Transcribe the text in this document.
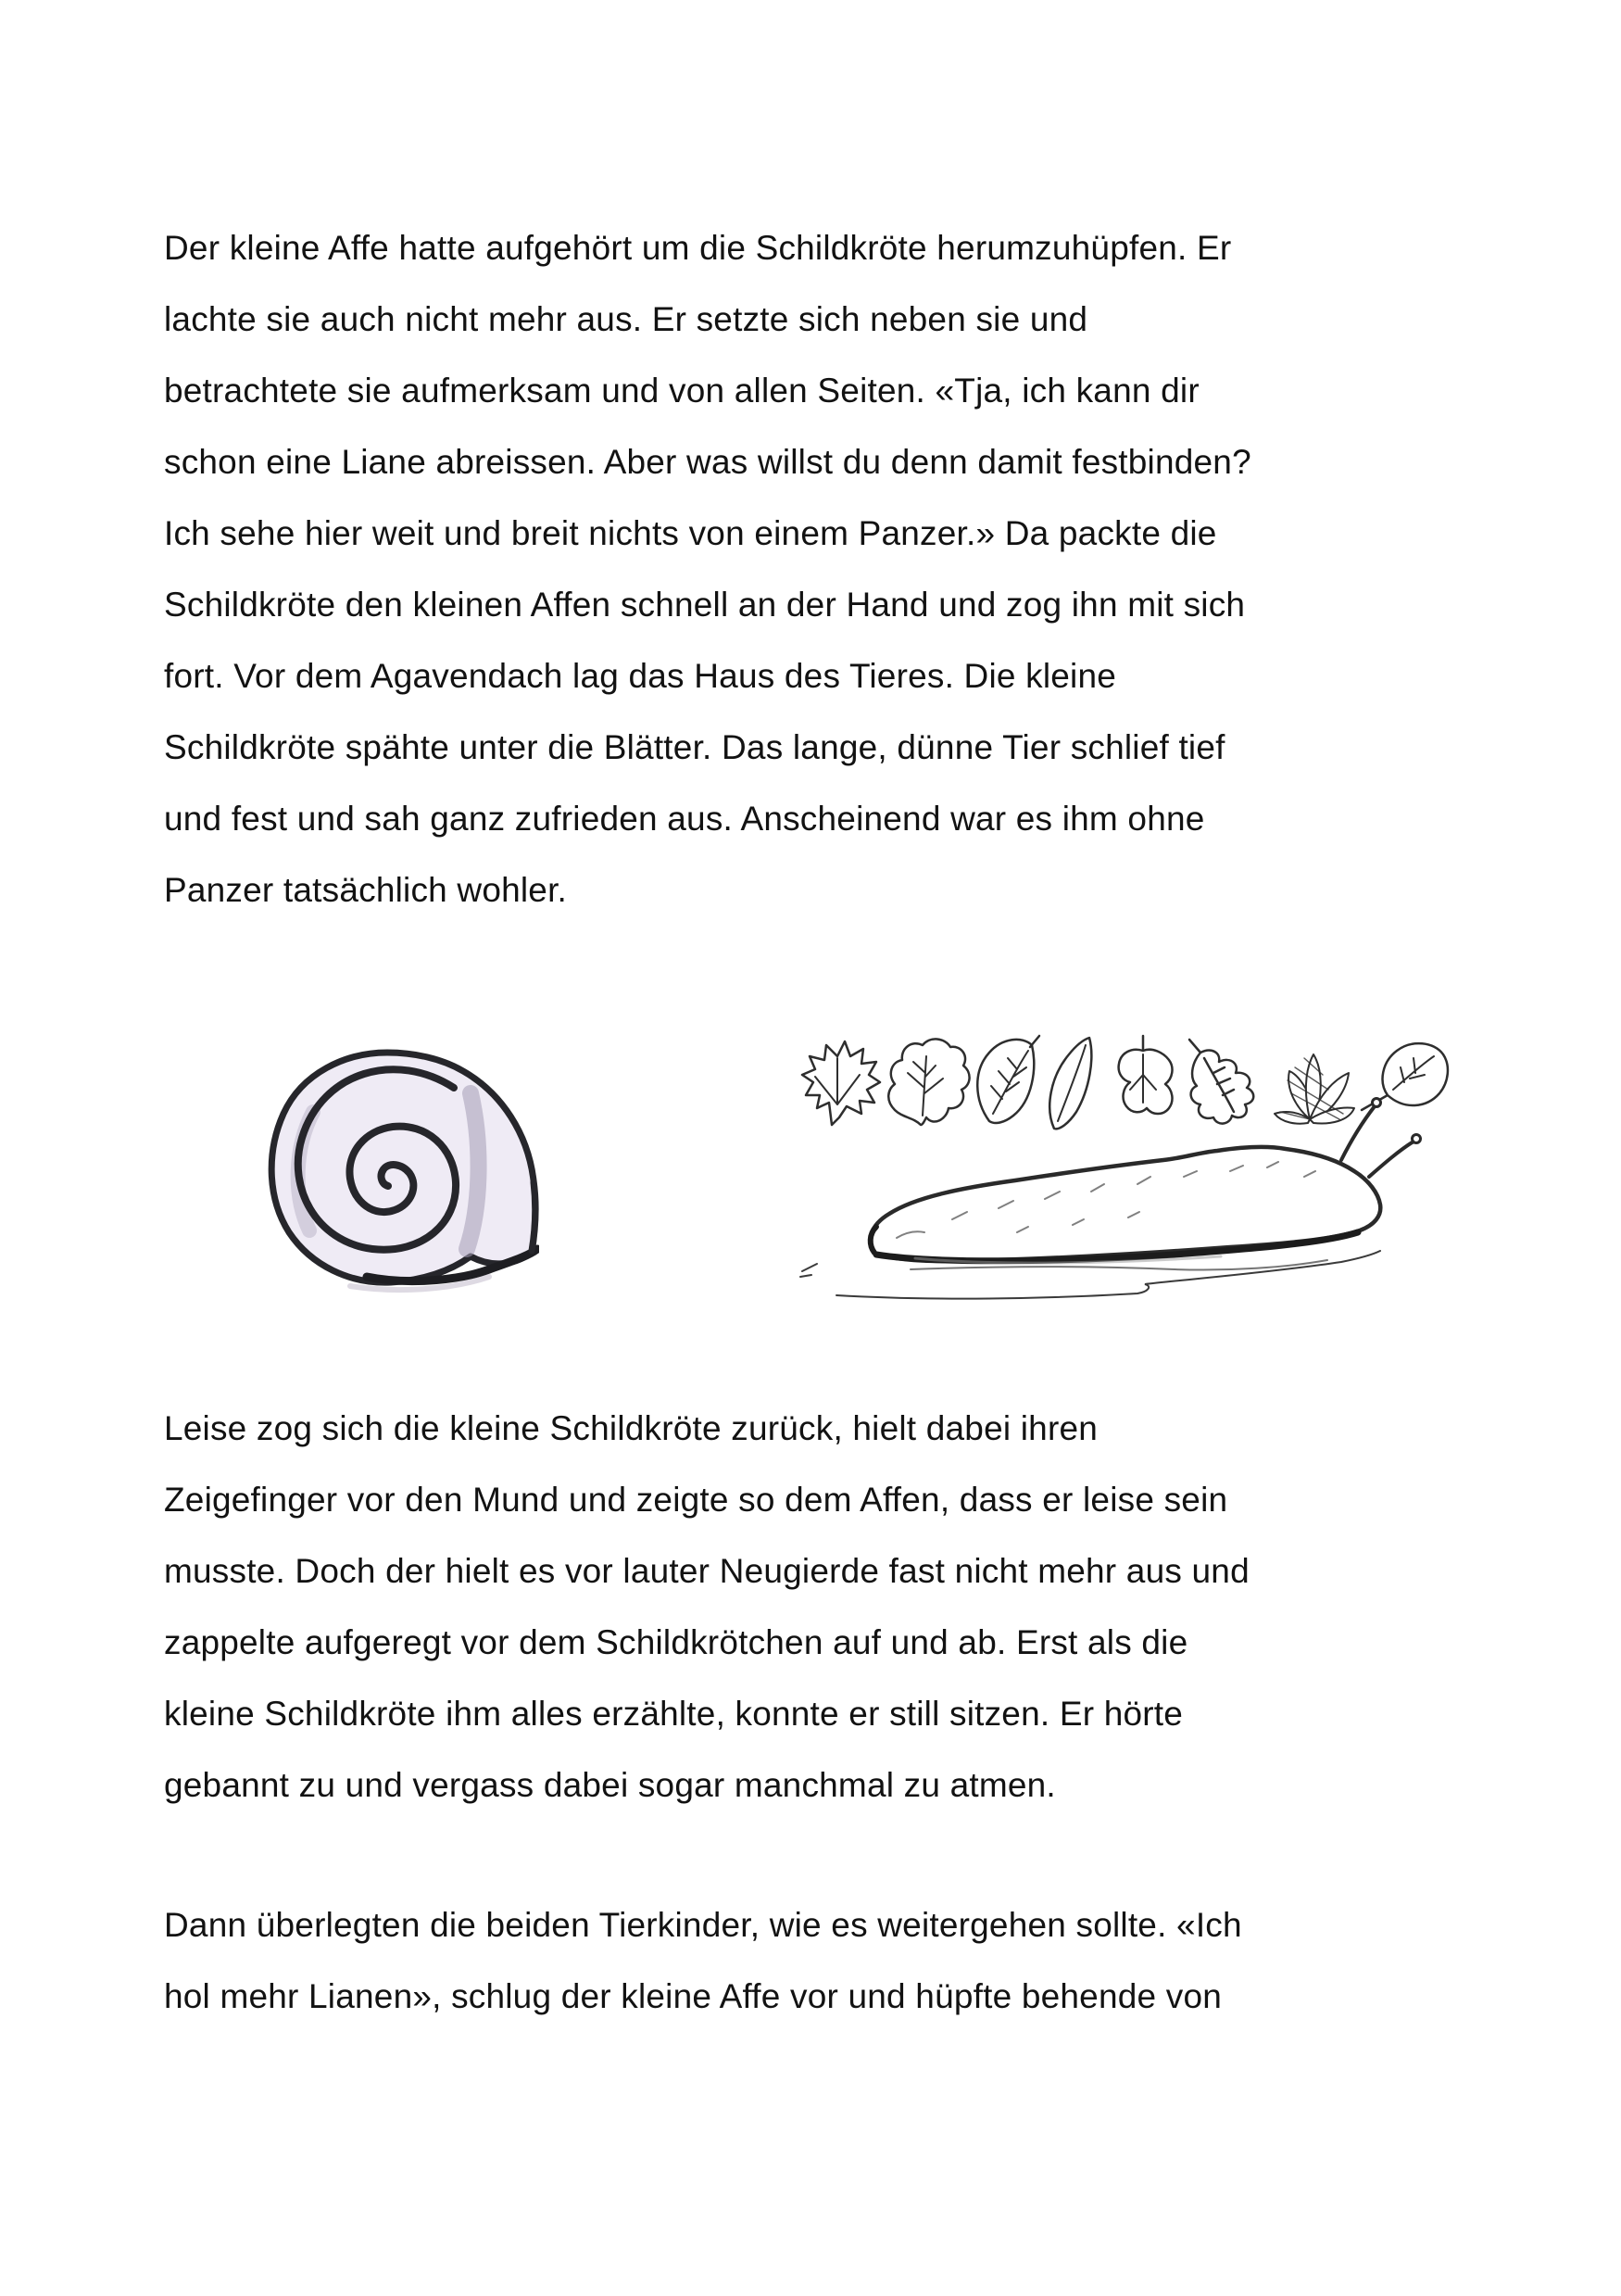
Der kleine Affe hatte aufgehört um die Schildkröte herumzuhüpfen. Er
lachte sie auch nicht mehr aus. Er setzte sich neben sie und
betrachtete sie aufmerksam und von allen Seiten. «Tja, ich kann dir
schon eine Liane abreissen. Aber was willst du denn damit festbinden?
Ich sehe hier weit und breit nichts von einem Panzer.» Da packte die
Schildkröte den kleinen Affen schnell an der Hand und zog ihn mit sich
fort. Vor dem Agavendach lag das Haus des Tieres. Die kleine
Schildkröte spähte unter die Blätter. Das lange, dünne Tier schlief tief
und fest und sah ganz zufrieden aus. Anscheinend war es ihm ohne
Panzer tatsächlich wohler.
Leise zog sich die kleine Schildkröte zurück, hielt dabei ihren
Zeigefinger vor den Mund und zeigte so dem Affen, dass er leise sein
musste. Doch der hielt es vor lauter Neugierde fast nicht mehr aus und
zappelte aufgeregt vor dem Schildkrötchen auf und ab. Erst als die
kleine Schildkröte ihm alles erzählte, konnte er still sitzen. Er hörte
gebannt zu und vergass dabei sogar manchmal zu atmen.
Dann überlegten die beiden Tierkinder, wie es weitergehen sollte. «Ich
hol mehr Lianen», schlug der kleine Affe vor und hüpfte behende von
